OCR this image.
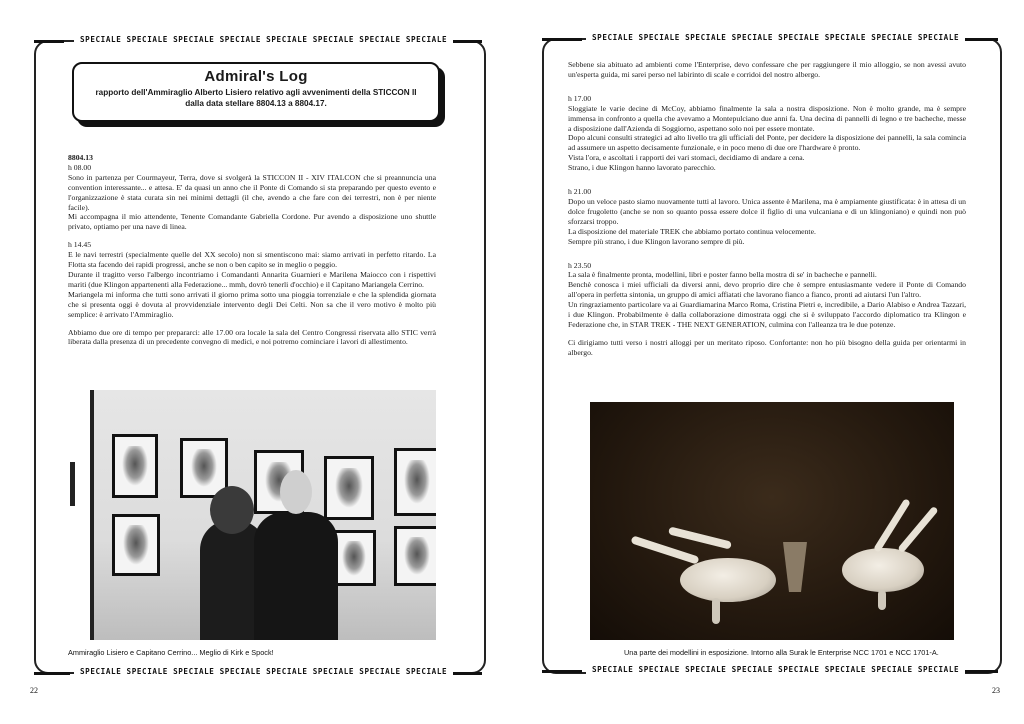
SPECIALE SPECIALE SPECIALE SPECIALE SPECIALE SPECIALE SPECIALE SPECIALE
Admiral's Log
rapporto dell'Ammiraglio Alberto Lisiero relativo agli avvenimenti della STICCON II dalla data stellare 8804.13 a 8804.17.

8804.13

h 08.00

Sono in partenza per Courmayeur, Terra, dove si svolgerà la STICCON II - XIV ITALCON che si preannuncia una convention interessante... e attesa. E' da quasi un anno che il Ponte di Comando si sta preparando per questo evento e l'organizzazione è stata curata sin nei minimi dettagli (il che, avendo a che fare con dei terrestri, non è per niente facile).

Mi accompagna il mio attendente, Tenente Comandante Gabriella Cordone. Pur avendo a disposizione uno shuttle privato, optiamo per una nave di linea.

h 14.45

E le navi terrestri (specialmente quelle del XX secolo) non si smentiscono mai: siamo arrivati in perfetto ritardo. La Flotta sta facendo dei rapidi progressi, anche se non o ben capito se in meglio o peggio.

Durante il tragitto verso l'albergo incontriamo i Comandanti Annarita Guarnieri e Marilena Maiocco con i rispettivi mariti (due Klingon appartenenti alla Federazione... mmh, dovrò tenerli d'occhio) e il Capitano Mariangela Cerrino.

Mariangela mi informa che tutti sono arrivati il giorno prima sotto una pioggia torrenziale e che la splendida giornata che si presenta oggi è dovuta al provvidenziale intervento degli Dei Celti. Non sa che il vero motivo è molto più semplice: è arrivato l'Ammiraglio.

Abbiamo due ore di tempo per prepararci: alle 17.00 ora locale la sala del Centro Congressi riservata allo STIC verrà liberata dalla presenza di un precedente convegno di medici, e noi potremo cominciare i lavori di allestimento.

Ammiraglio Lisiero e Capitano Cerrino... Meglio di Kirk e Spock!
SPECIALE SPECIALE SPECIALE SPECIALE SPECIALE SPECIALE SPECIALE SPECIALE
22
SPECIALE SPECIALE SPECIALE SPECIALE SPECIALE SPECIALE SPECIALE SPECIALE

Sebbene sia abituato ad ambienti come l'Enterprise, devo confessare che per raggiungere il mio alloggio, se non avessi avuto un'esperta guida, mi sarei perso nel labirinto di scale e corridoi del nostro albergo.

h 17.00

Sloggiate le varie decine di McCoy, abbiamo finalmente la sala a nostra disposizione. Non è molto grande, ma è sempre immensa in confronto a quella che avevamo a Montepulciano due anni fa. Una decina di pannelli di legno e tre bacheche, messe a disposizione dall'Azienda di Soggiorno, aspettano solo noi per essere montate.

Dopo alcuni consulti strategici ad alto livello tra gli ufficiali del Ponte, per decidere la disposizione dei pannelli, la sala comincia ad assumere un aspetto decisamente funzionale, e in poco meno di due ore l'hardware è pronto.

Vista l'ora, e ascoltati i rapporti dei vari stomaci, decidiamo di andare a cena.

Strano, i due Klingon hanno lavorato parecchio.

h 21.00

Dopo un veloce pasto siamo nuovamente tutti al lavoro. Unica assente è Marilena, ma è ampiamente giustificata: è in attesa di un dolce frugoletto (anche se non so quanto possa essere dolce il figlio di una vulcaniana e di un klingoniano) e quindi non può sforzarsi troppo.

La disposizione del materiale TREK che abbiamo portato continua velocemente.

Sempre più strano, i due Klingon lavorano sempre di più.

h 23.50

La sala è finalmente pronta, modellini, libri e poster fanno bella mostra di se' in bacheche e pannelli.

Benchè conosca i miei ufficiali da diversi anni, devo proprio dire che è sempre entusiasmante vedere il Ponte di Comando all'opera in perfetta sintonia, un gruppo di amici affiatati che lavorano fianco a fianco, pronti ad aiutarsi l'un l'altro.

Un ringraziamento particolare va ai Guardiamarina Marco Roma, Cristina Pietri e, incredibile, a Dario Alabiso e Andrea Tazzari, i due Klingon. Probabilmente è dalla collaborazione dimostrata oggi che si è sviluppato l'accordo diplomatico tra Klingon e Federazione che, in STAR TREK - THE NEXT GENERATION, culmina con l'alleanza tra le due potenze.

Ci dirigiamo tutti verso i nostri alloggi per un meritato riposo. Confortante: non ho più bisogno della guida per orientarmi in albergo.

Una parte dei modellini in esposizione. Intorno alla Surak le Enterprise NCC 1701 e NCC 1701-A.
SPECIALE SPECIALE SPECIALE SPECIALE SPECIALE SPECIALE SPECIALE SPECIALE
23
